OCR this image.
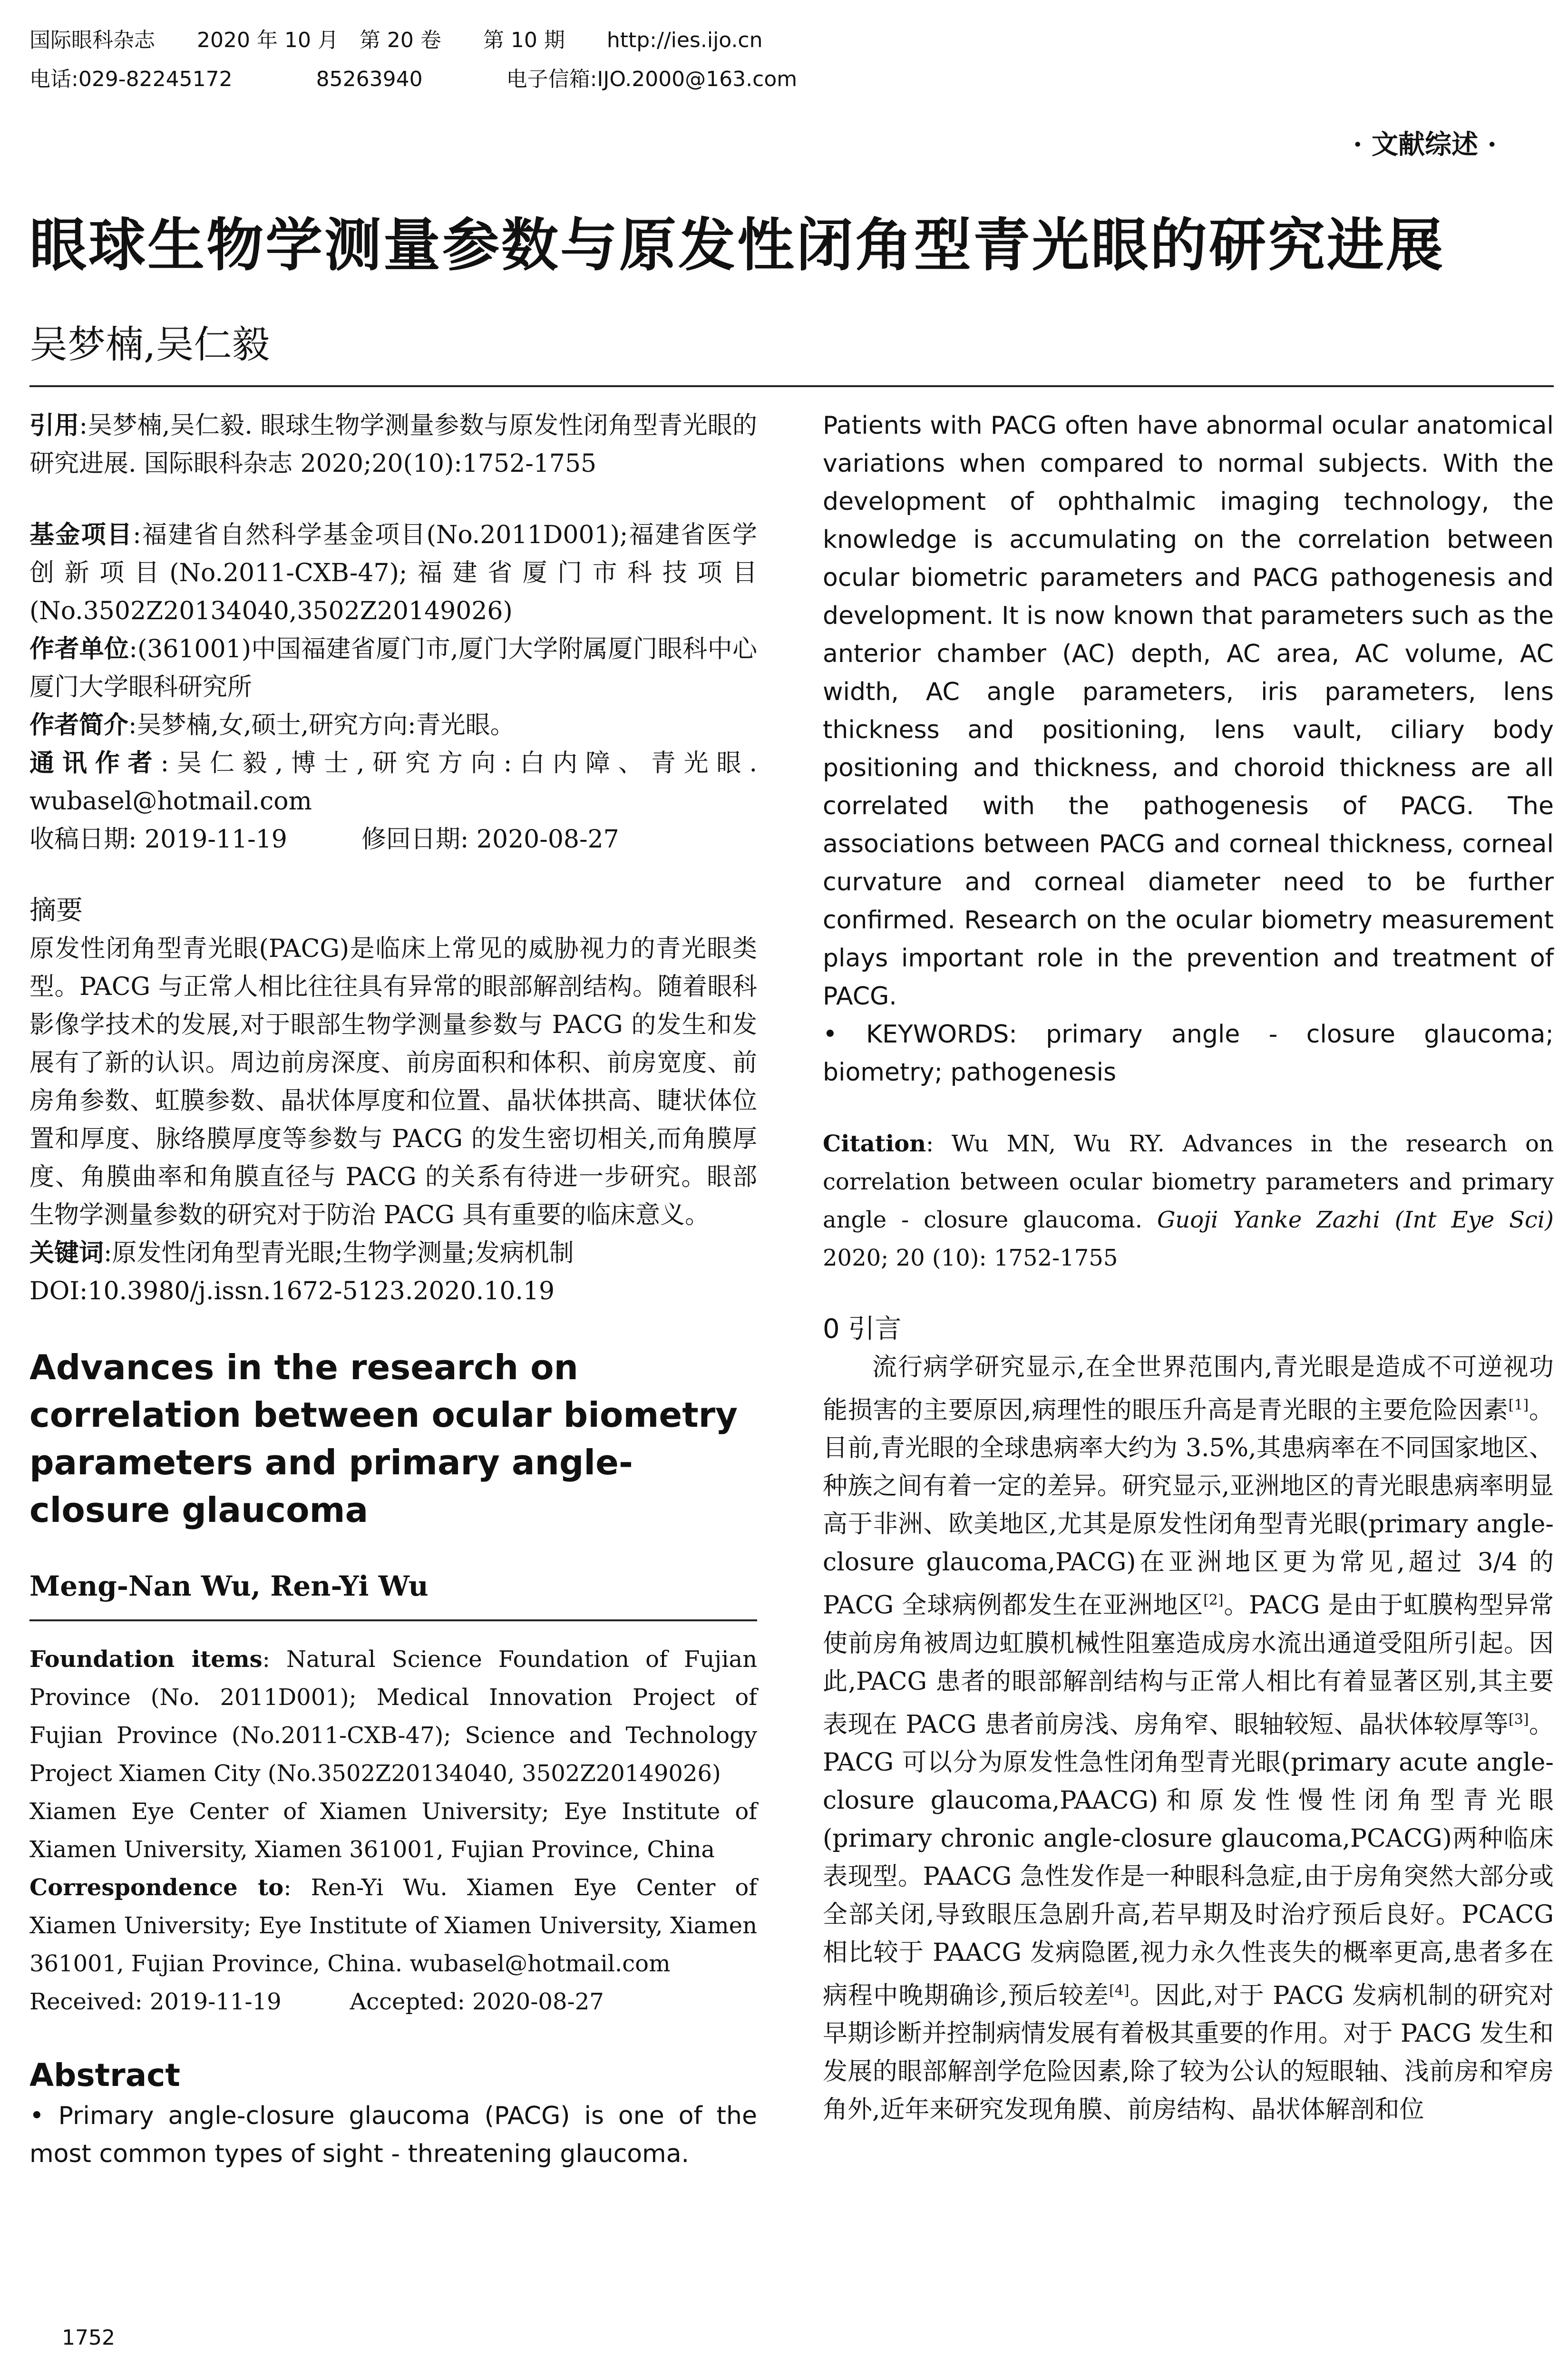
国际眼科杂志　　2020 年 10 月　第 20 卷　　第 10 期　　http://ies.ijo.cn
电话:029-82245172　　　　85263940　　　　电子信箱:IJO.2000@163.com
· 文献综述 ·
眼球生物学测量参数与原发性闭角型青光眼的研究进展
吴梦楠,吴仁毅

引用:吴梦楠,吴仁毅. 眼球生物学测量参数与原发性闭角型青光眼的研究进展. 国际眼科杂志 2020;20(10):1752-1755

基金项目:福建省自然科学基金项目(No.2011D001);福建省医学创新项目(No.2011-CXB-47);福建省厦门市科技项目(No.3502Z20134040,3502Z20149026)

作者单位:(361001)中国福建省厦门市,厦门大学附属厦门眼科中心 厦门大学眼科研究所

作者简介:吴梦楠,女,硕士,研究方向:青光眼。

通讯作者:吴仁毅,博士,研究方向:白内障、青光眼. wubasel@hotmail.com

收稿日期: 2019-11-19　　　修回日期: 2020-08-27

摘要

原发性闭角型青光眼(PACG)是临床上常见的威胁视力的青光眼类型。PACG 与正常人相比往往具有异常的眼部解剖结构。随着眼科影像学技术的发展,对于眼部生物学测量参数与 PACG 的发生和发展有了新的认识。周边前房深度、前房面积和体积、前房宽度、前房角参数、虹膜参数、晶状体厚度和位置、晶状体拱高、睫状体位置和厚度、脉络膜厚度等参数与 PACG 的发生密切相关,而角膜厚度、角膜曲率和角膜直径与 PACG 的关系有待进一步研究。眼部生物学测量参数的研究对于防治 PACG 具有重要的临床意义。

关键词:原发性闭角型青光眼;生物学测量;发病机制

DOI:10.3980/j.issn.1672-5123.2020.10.19

Advances in the research on correlation between ocular biometry parameters and primary angle-closure glaucoma

Meng-Nan Wu, Ren-Yi Wu

Foundation items: Natural Science Foundation of Fujian Province (No. 2011D001); Medical Innovation Project of Fujian Province (No.2011-CXB-47); Science and Technology Project Xiamen City (No.3502Z20134040, 3502Z20149026)

Xiamen Eye Center of Xiamen University; Eye Institute of Xiamen University, Xiamen 361001, Fujian Province, China

Correspondence to: Ren-Yi Wu. Xiamen Eye Center of Xiamen University; Eye Institute of Xiamen University, Xiamen 361001, Fujian Province, China. wubasel@hotmail.com

Received: 2019-11-19　　　Accepted: 2020-08-27

Abstract

• Primary angle-closure glaucoma (PACG) is one of the most common types of sight - threatening glaucoma.

Patients with PACG often have abnormal ocular anatomical variations when compared to normal subjects. With the development of ophthalmic imaging technology, the knowledge is accumulating on the correlation between ocular biometric parameters and PACG pathogenesis and development. It is now known that parameters such as the anterior chamber (AC) depth, AC area, AC volume, AC width, AC angle parameters, iris parameters, lens thickness and positioning, lens vault, ciliary body positioning and thickness, and choroid thickness are all correlated with the pathogenesis of PACG. The associations between PACG and corneal thickness, corneal curvature and corneal diameter need to be further confirmed. Research on the ocular biometry measurement plays important role in the prevention and treatment of PACG.

• KEYWORDS: primary angle - closure glaucoma; biometry; pathogenesis

Citation: Wu MN, Wu RY. Advances in the research on correlation between ocular biometry parameters and primary angle - closure glaucoma. Guoji Yanke Zazhi (Int Eye Sci) 2020; 20 (10): 1752-1755

0 引言

流行病学研究显示,在全世界范围内,青光眼是造成不可逆视功能损害的主要原因,病理性的眼压升高是青光眼的主要危险因素[1]。目前,青光眼的全球患病率大约为 3.5%,其患病率在不同国家地区、种族之间有着一定的差异。研究显示,亚洲地区的青光眼患病率明显高于非洲、欧美地区,尤其是原发性闭角型青光眼(primary angle-closure glaucoma,PACG)在亚洲地区更为常见,超过 3/4 的 PACG 全球病例都发生在亚洲地区[2]。PACG 是由于虹膜构型异常使前房角被周边虹膜机械性阻塞造成房水流出通道受阻所引起。因此,PACG 患者的眼部解剖结构与正常人相比有着显著区别,其主要表现在 PACG 患者前房浅、房角窄、眼轴较短、晶状体较厚等[3]。PACG 可以分为原发性急性闭角型青光眼(primary acute angle-closure glaucoma,PAACG)和原发性慢性闭角型青光眼(primary chronic angle-closure glaucoma,PCACG)两种临床表现型。PAACG 急性发作是一种眼科急症,由于房角突然大部分或全部关闭,导致眼压急剧升高,若早期及时治疗预后良好。PCACG 相比较于 PAACG 发病隐匿,视力永久性丧失的概率更高,患者多在病程中晚期确诊,预后较差[4]。因此,对于 PACG 发病机制的研究对早期诊断并控制病情发展有着极其重要的作用。对于 PACG 发生和发展的眼部解剖学危险因素,除了较为公认的短眼轴、浅前房和窄房角外,近年来研究发现角膜、前房结构、晶状体解剖和位

1752
